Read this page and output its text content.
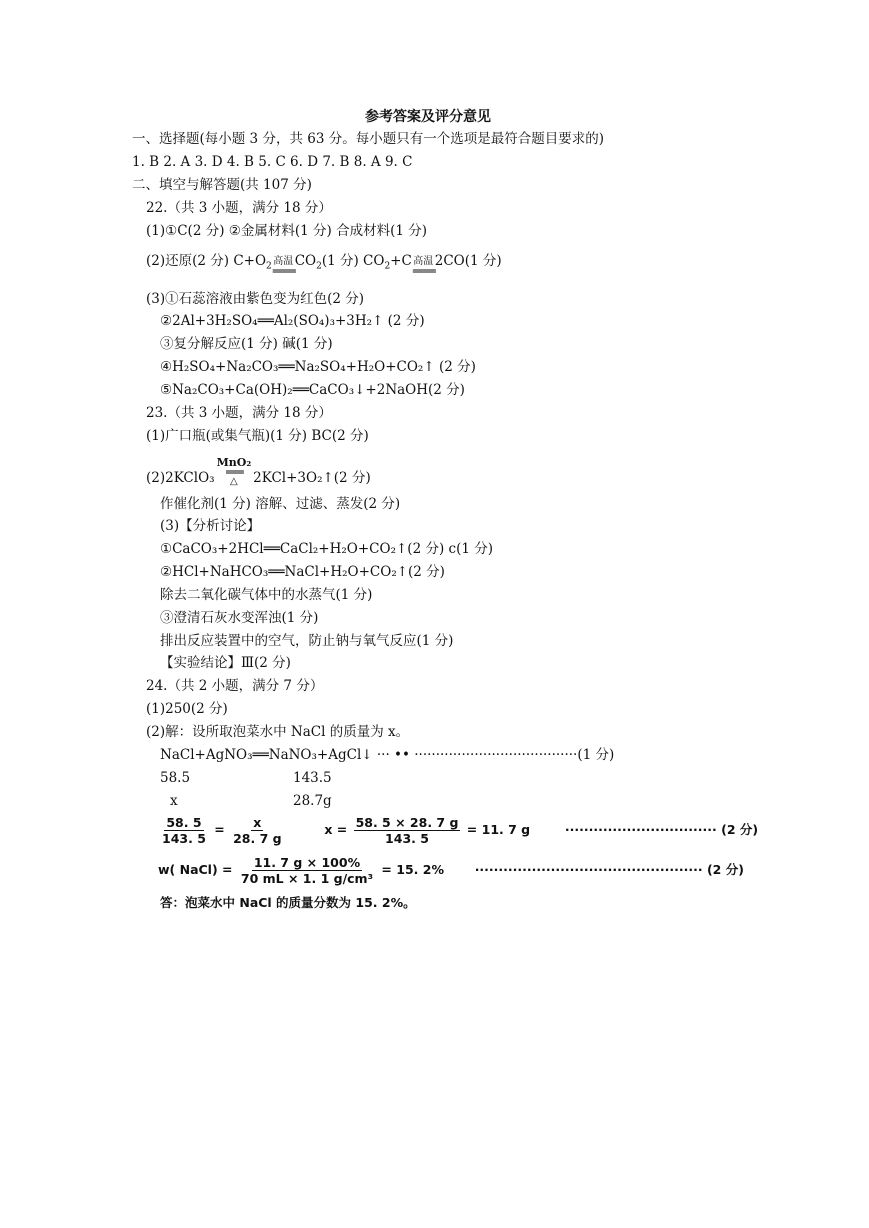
参考答案及评分意见
一、选择题(每小题 3 分，共 63 分。每小题只有一个选项是最符合题目要求的)
1. B 2. A 3. D 4. B 5. C 6. D 7. B 8. A 9. C
二、填空与解答题(共 107 分)
22.（共 3 小题，满分 18 分）
(1)①C(2 分) ②金属材料(1 分) 合成材料(1 分)
(2)还原(2 分) $C+O_2$ 高温
════
$CO_2(1$ 分) $CO_2+C$ 高温
════
2CO(1 分)
(3)①石蕊溶液由紫色变为红色(2 分)
②2Al+3H₂SO₄══Al₂(SO₄)₃+3H₂↑ (2 分)
③复分解反应(1 分) 碱(1 分)
④H₂SO₄+Na₂CO₃══Na₂SO₄+H₂O+CO₂↑ (2 分)
⑤Na₂CO₃+Ca(OH)₂══CaCO₃↓+2NaOH(2 分)
23.（共 3 小题，满分 18 分）
(1)广口瓶(或集气瓶)(1 分) BC(2 分)
(2)2KClO₃
MnO₂
═══
△ 2KCl+3O₂↑(2 分)
作催化剂(1 分) 溶解、过滤、蒸发(2 分)
(3)【分析讨论】
①CaCO₃+2HCl══CaCl₂+H₂O+CO₂↑(2 分) c(1 分)
②HCl+NaHCO₃══NaCl+H₂O+CO₂↑(2 分)
除去二氧化碳气体中的水蒸气(1 分)
③澄清石灰水变浑浊(1 分)
排出反应装置中的空气，防止钠与氧气反应(1 分)
【实验结论】Ⅲ(2 分)
24.（共 2 小题，满分 7 分）
(1)250(2 分)
(2)解：设所取泡菜水中 NaCl 的质量为 x。
NaCl+AgNO₃══NaNO₃+AgCl↓ ··· •• ······································(1 分)
58.5	143.5
x	28.7g
$\frac{58. 5}{143. 5} = \frac{x}{28. 7 g}$	$x = \frac{58. 5 \times 28. 7 g}{143. 5} = 11$. 7 g	································ (2 分)
w( NaCl) = $\frac{11. 7 g \times 100\%}{\text{70 mL × 1. 1 g/cm³}} = 15$. 2% ················································ (2 分)
答：泡菜水中 NaCl 的质量分数为 15. 2%。
